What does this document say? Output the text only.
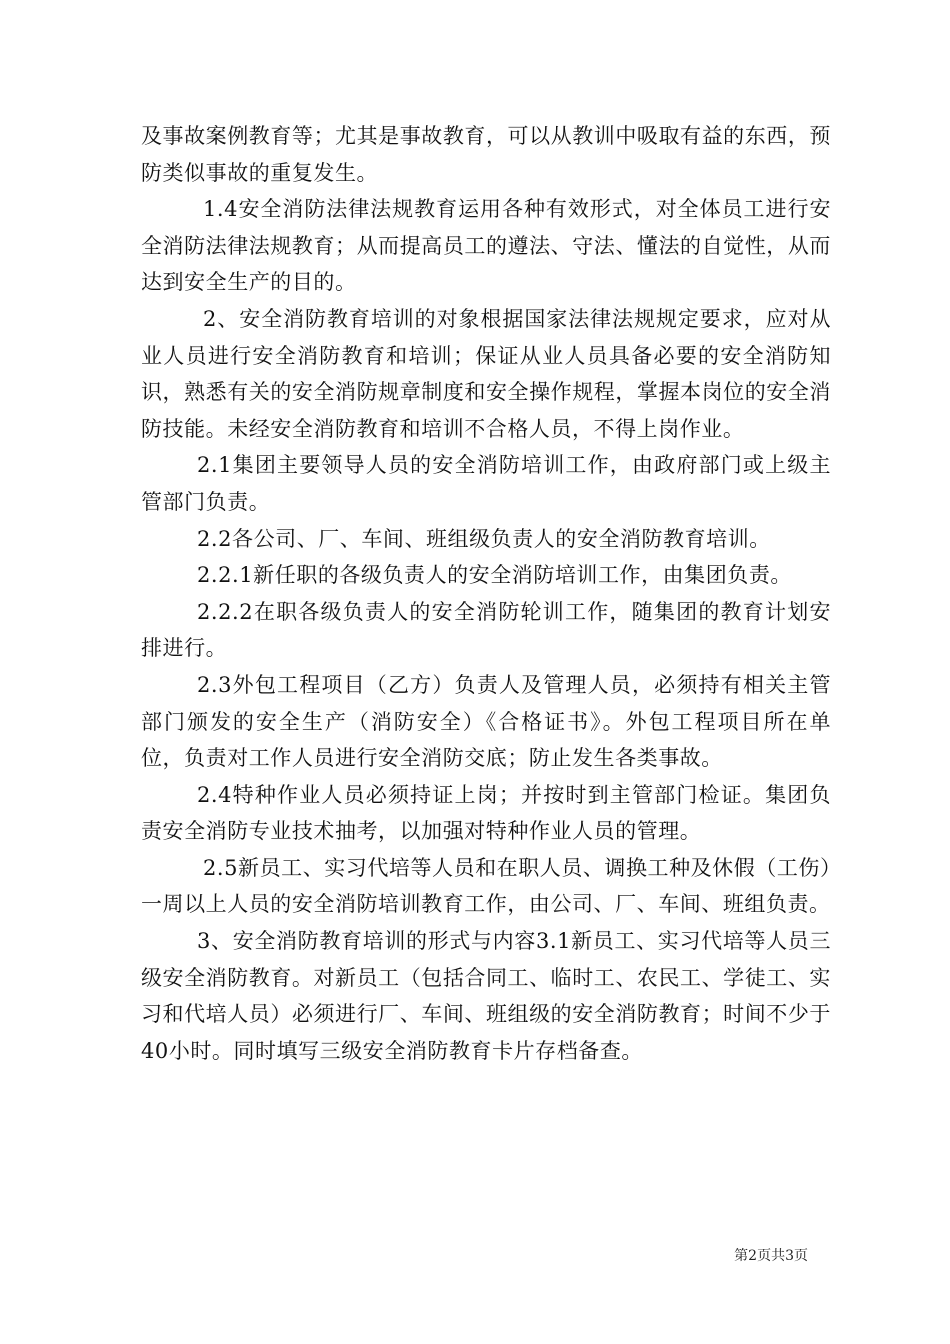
及事故案例教育等；尤其是事故教育，可以从教训中吸取有益的东西，预防类似事故的重复发生。

1.4安全消防法律法规教育运用各种有效形式，对全体员工进行安全消防法律法规教育；从而提高员工的遵法、守法、懂法的自觉性，从而达到安全生产的目的。

2、安全消防教育培训的对象根据国家法律法规规定要求，应对从业人员进行安全消防教育和培训；保证从业人员具备必要的安全消防知识，熟悉有关的安全消防规章制度和安全操作规程，掌握本岗位的安全消防技能。未经安全消防教育和培训不合格人员，不得上岗作业。

2.1集团主要领导人员的安全消防培训工作，由政府部门或上级主管部门负责。

2.2各公司、厂、车间、班组级负责人的安全消防教育培训。

2.2.1新任职的各级负责人的安全消防培训工作，由集团负责。

2.2.2在职各级负责人的安全消防轮训工作，随集团的教育计划安排进行。

2.3外包工程项目（乙方）负责人及管理人员，必须持有相关主管部门颁发的安全生产（消防安全）《合格证书》。外包工程项目所在单位，负责对工作人员进行安全消防交底；防止发生各类事故。

2.4特种作业人员必须持证上岗；并按时到主管部门检证。集团负责安全消防专业技术抽考，以加强对特种作业人员的管理。

2.5新员工、实习代培等人员和在职人员、调换工种及休假（工伤）一周以上人员的安全消防培训教育工作，由公司、厂、车间、班组负责。

3、安全消防教育培训的形式与内容3.1新员工、实习代培等人员三级安全消防教育。对新员工（包括合同工、临时工、农民工、学徒工、实习和代培人员）必须进行厂、车间、班组级的安全消防教育；时间不少于40小时。同时填写三级安全消防教育卡片存档备查。

第2页共3页
